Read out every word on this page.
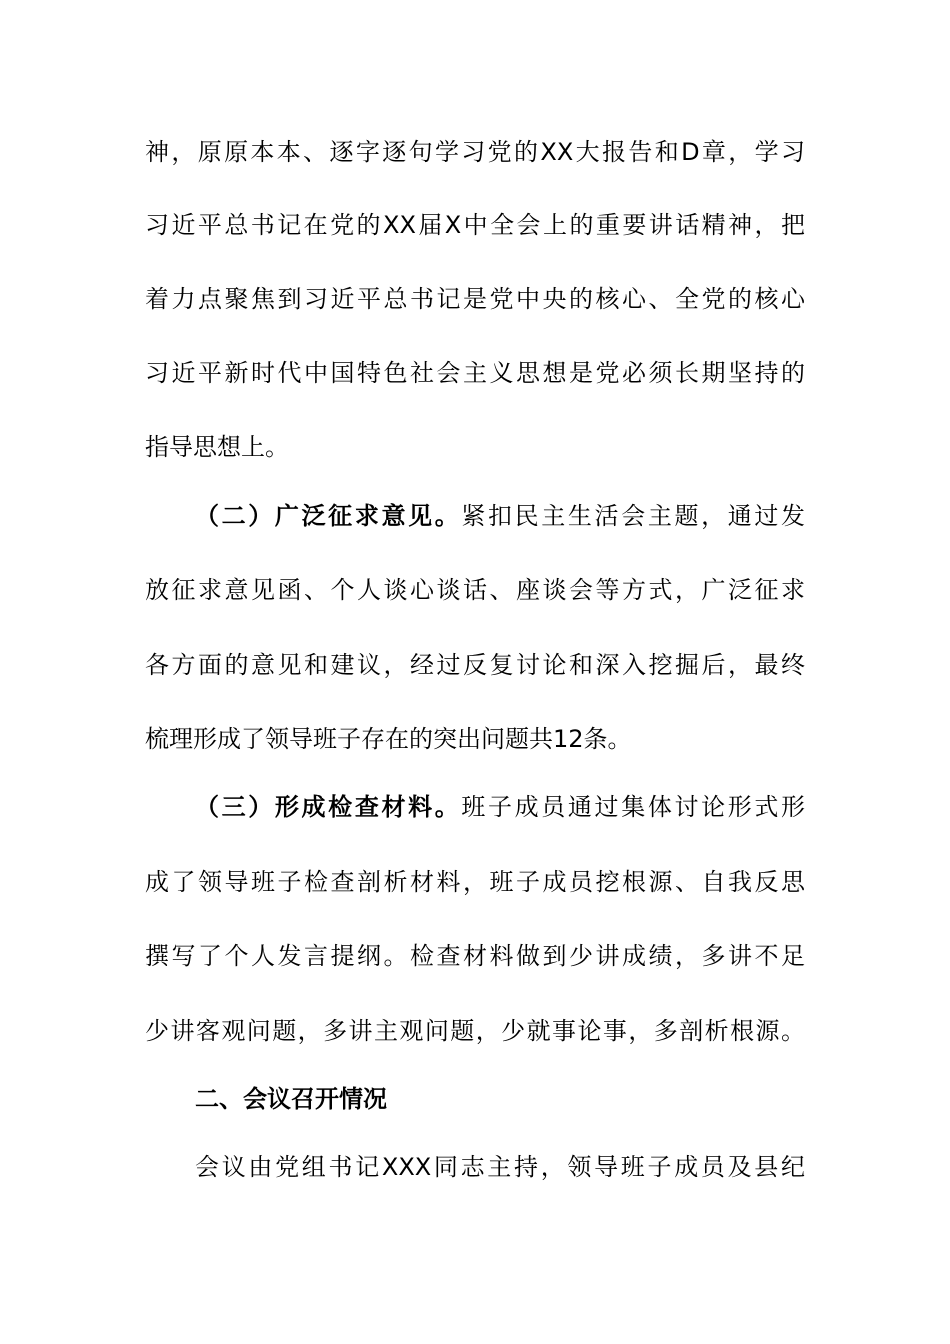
神，原原本本、逐字逐句学习党的XX大报告和D章，学习
习近平总书记在党的XX届X中全会上的重要讲话精神，把
着力点聚焦到习近平总书记是党中央的核心、全党的核心
习近平新时代中国特色社会主义思想是党必须长期坚持的
指导思想上。
（二）广泛征求意见。紧扣民主生活会主题，通过发
放征求意见函、个人谈心谈话、座谈会等方式，广泛征求
各方面的意见和建议，经过反复讨论和深入挖掘后，最终
梳理形成了领导班子存在的突出问题共12条。
（三）形成检查材料。班子成员通过集体讨论形式形
成了领导班子检查剖析材料，班子成员挖根源、自我反思
撰写了个人发言提纲。检查材料做到少讲成绩，多讲不足
少讲客观问题，多讲主观问题，少就事论事，多剖析根源。
二、会议召开情况
会议由党组书记XXX同志主持，领导班子成员及县纪
